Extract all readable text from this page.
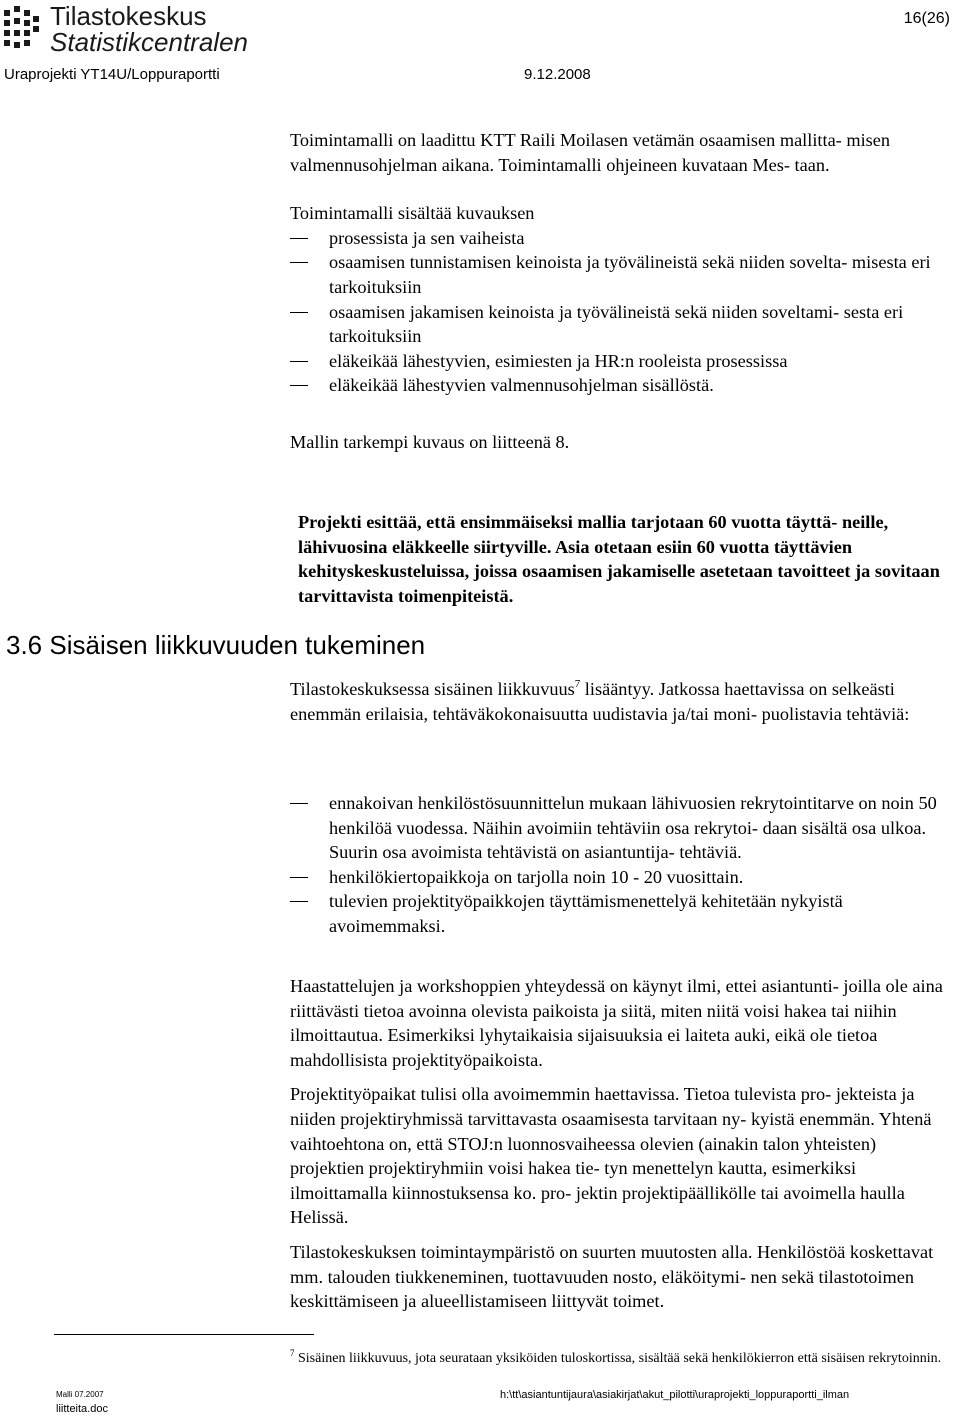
Tilastokeskus
Statistikcentralen
16(26)
Uraprojekti YT14U/Loppuraportti	9.12.2008

Toimintamalli on laadittu KTT Raili Moilasen vetämän osaamisen mallitta- misen valmennusohjelman aikana. Toimintamalli ohjeineen kuvataan Mes- taan.

Toimintamalli sisältää kuvauksen

prosessista ja sen vaiheista
osaamisen tunnistamisen keinoista ja työvälineistä sekä niiden sovelta- misesta eri tarkoituksiin
osaamisen jakamisen keinoista ja työvälineistä sekä niiden soveltami- sesta eri tarkoituksiin
eläkeikää lähestyvien, esimiesten ja HR:n rooleista prosessissa
eläkeikää lähestyvien valmennusohjelman sisällöstä.

Mallin tarkempi kuvaus on liitteenä 8.

Projekti esittää, että ensimmäiseksi mallia tarjotaan 60 vuotta täyttä- neille, lähivuosina eläkkeelle siirtyville. Asia otetaan esiin 60 vuotta täyttävien kehityskeskusteluissa, joissa osaamisen jakamiselle asetetaan tavoitteet ja sovitaan tarvittavista toimenpiteistä.

3.6 Sisäisen liikkuvuuden tukeminen

Tilastokeskuksessa sisäinen liikkuvuus$^7$ lisääntyy. Jatkossa haettavissa on selkeästi enemmän erilaisia, tehtäväkokonaisuutta uudistavia ja/tai moni- puolistavia tehtäviä:

ennakoivan henkilöstösuunnittelun mukaan lähivuosien rekrytointitarve on noin 50 henkilöä vuodessa. Näihin avoimiin tehtäviin osa rekrytoi- daan sisältä osa ulkoa. Suurin osa avoimista tehtävistä on asiantuntija- tehtäviä.
henkilökiertopaikkoja on tarjolla noin 10 - 20 vuosittain.
tulevien projektityöpaikkojen täyttämismenettelyä kehitetään nykyistä avoimemmaksi.

Haastattelujen ja workshoppien yhteydessä on käynyt ilmi, ettei asiantunti- joilla ole aina riittävästi tietoa avoinna olevista paikoista ja siitä, miten niitä voisi hakea tai niihin ilmoittautua. Esimerkiksi lyhytaikaisia sijaisuuksia ei laiteta auki, eikä ole tietoa mahdollisista projektityöpaikoista.

Projektityöpaikat tulisi olla avoimemmin haettavissa. Tietoa tulevista pro- jekteista ja niiden projektiryhmissä tarvittavasta osaamisesta tarvitaan ny- kyistä enemmän. Yhtenä vaihtoehtona on, että STOJ:n luonnosvaiheessa olevien (ainakin talon yhteisten) projektien projektiryhmiin voisi hakea tie- tyn menettelyn kautta, esimerkiksi ilmoittamalla kiinnostuksensa ko. pro- jektin projektipäällikölle tai avoimella haulla Helissä.

Tilastokeskuksen toimintaympäristö on suurten muutosten alla. Henkilöstöä koskettavat mm. talouden tiukkeneminen, tuottavuuden nosto, eläköitymi- nen sekä tilastotoimen keskittämiseen ja alueellistamiseen liittyvät toimet.

$^7$ Sisäinen liikkuvuus, jota seurataan yksiköiden tuloskortissa, sisältää sekä henkilökierron että sisäisen rekrytoinnin.
Malli 07.2007
liitteita.doc
h:\tt\asiantuntijaura\asiakirjat\akut_pilotti\uraprojekti_loppuraportti_ilman
